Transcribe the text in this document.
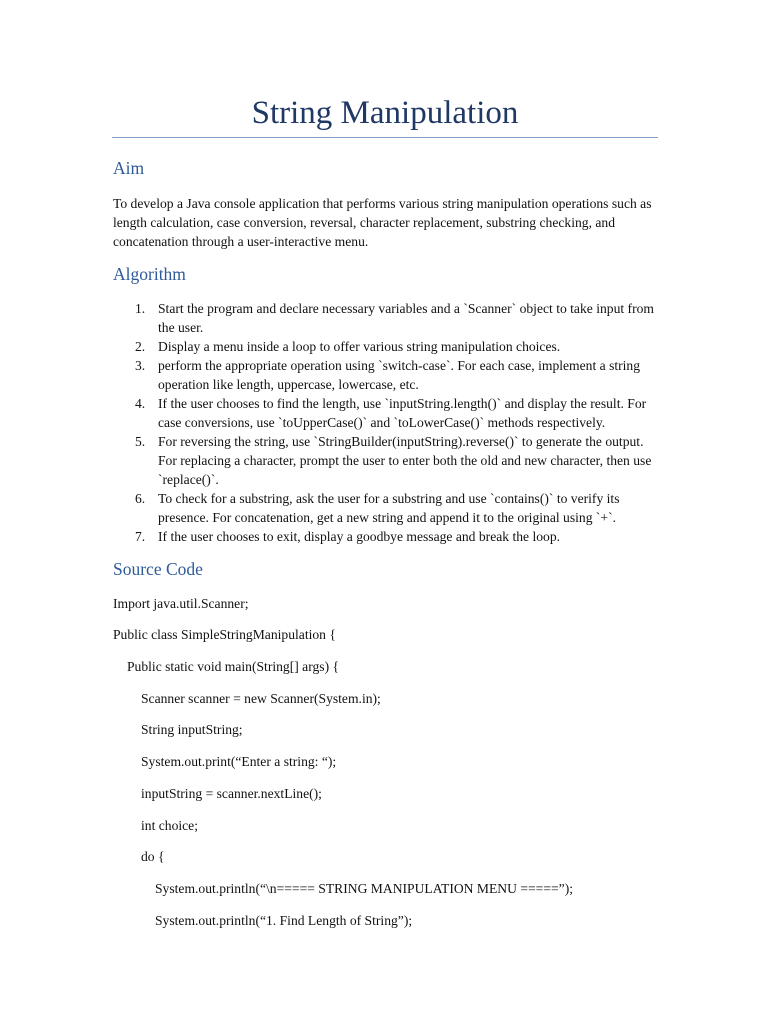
String Manipulation
Aim

To develop a Java console application that performs various string manipulation operations such as length calculation, case conversion, reversal, character replacement, substring checking, and concatenation through a user-interactive menu.

Algorithm
1. Start the program and declare necessary variables and a `Scanner` object to take input from the user.
2. Display a menu inside a loop to offer various string manipulation choices.
3. perform the appropriate operation using `switch-case`. For each case, implement a string operation like length, uppercase, lowercase, etc.
4. If the user chooses to find the length, use `inputString.length()` and display the result. For case conversions, use `toUpperCase()` and `toLowerCase()` methods respectively.
5. For reversing the string, use `StringBuilder(inputString).reverse()` to generate the output. For replacing a character, prompt the user to enter both the old and new character, then use `replace()`.
6. To check for a substring, ask the user for a substring and use `contains()` to verify its presence. For concatenation, get a new string and append it to the original using `+`.
7. If the user chooses to exit, display a goodbye message and break the loop.
Source Code

Import java.util.Scanner;

Public class SimpleStringManipulation {

Public static void main(String[] args) {

Scanner scanner = new Scanner(System.in);

String inputString;

System.out.print(“Enter a string: “);

inputString = scanner.nextLine();

int choice;

do {

System.out.println(“\n===== STRING MANIPULATION MENU =====”);

System.out.println(“1. Find Length of String”);
